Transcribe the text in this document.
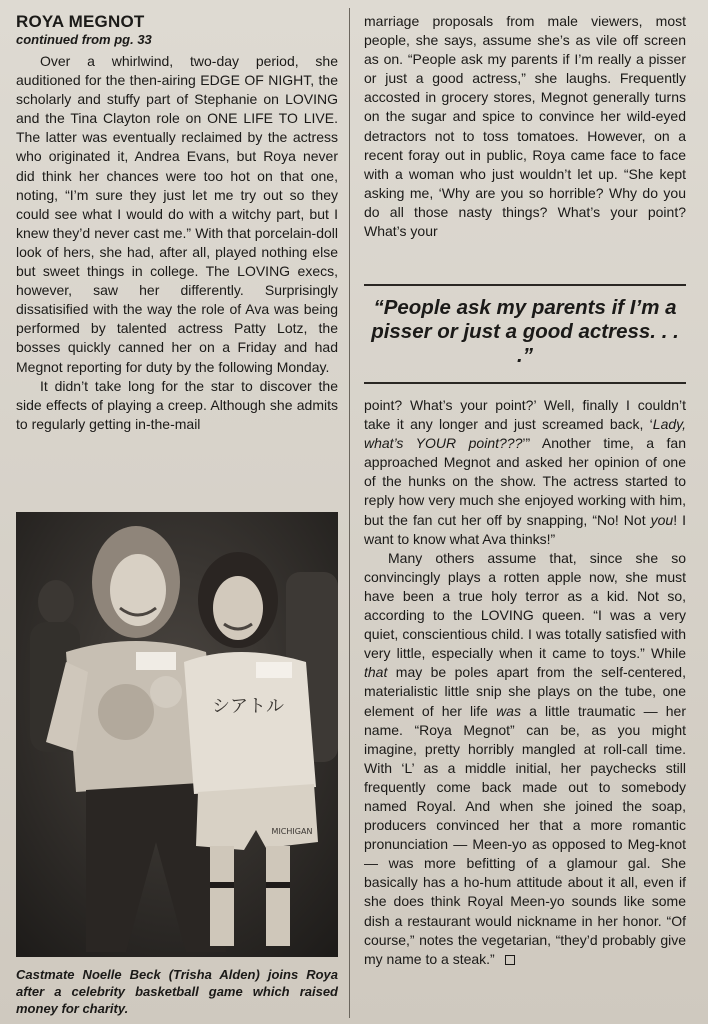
ROYA MEGNOT

continued from pg. 33

Over a whirlwind, two-day period, she auditioned for the then-airing EDGE OF NIGHT, the scholarly and stuffy part of Stephanie on LOVING and the Tina Clayton role on ONE LIFE TO LIVE. The latter was eventually reclaimed by the actress who originated it, Andrea Evans, but Roya never did think her chances were too hot on that one, noting, “I’m sure they just let me try out so they could see what I would do with a witchy part, but I knew they’d never cast me.” With that porcelain-doll look of hers, she had, after all, played nothing else but sweet things in college. The LOVING execs, however, saw her differently. Surprisingly dissatisified with the way the role of Ava was being performed by talented actress Patty Lotz, the bosses quickly canned her on a Friday and had Megnot reporting for duty by the following Monday.

It didn’t take long for the star to discover the side effects of playing a creep. Although she admits to regularly getting in-the-mail

シアトル
MICHIGAN

Castmate Noelle Beck (Trisha Alden) joins Roya after a celebrity basketball game which raised money for charity.

marriage proposals from male viewers, most people, she says, assume she’s as vile off screen as on. “People ask my parents if I’m really a pisser or just a good actress,” she laughs. Frequently accosted in grocery stores, Megnot generally turns on the sugar and spice to convince her wild-eyed detractors not to toss tomatoes. However, on a recent foray out in public, Roya came face to face with a woman who just wouldn’t let up. “She kept asking me, ‘Why are you so horrible? Why do you do all those nasty things? What’s your point? What’s your

“People ask my parents if I’m a pisser or just a good actress. . . .”

point? What’s your point?’ Well, finally I couldn’t take it any longer and just screamed back, ‘Lady, what’s YOUR point???’” Another time, a fan approached Megnot and asked her opinion of one of the hunks on the show. The actress started to reply how very much she enjoyed working with him, but the fan cut her off by snapping, “No! Not you! I want to know what Ava thinks!”

Many others assume that, since she so convincingly plays a rotten apple now, she must have been a true holy terror as a kid. Not so, according to the LOVING queen. “I was a very quiet, conscientious child. I was totally satisfied with very little, especially when it came to toys.” While that may be poles apart from the self-centered, materialistic little snip she plays on the tube, one element of her life was a little traumatic — her name. “Roya Megnot” can be, as you might imagine, pretty horribly mangled at roll-call time. With ‘L’ as a middle initial, her paychecks still frequently come back made out to somebody named Royal. And when she joined the soap, producers convinced her that a more romantic pronunciation — Meen-yo as opposed to Meg-knot — was more befitting of a glamour gal. She basically has a ho-hum attitude about it all, even if she does think Royal Meen-yo sounds like some dish a restaurant would nickname in her honor. “Of course,” notes the vegetarian, “they’d probably give my name to a steak.”
